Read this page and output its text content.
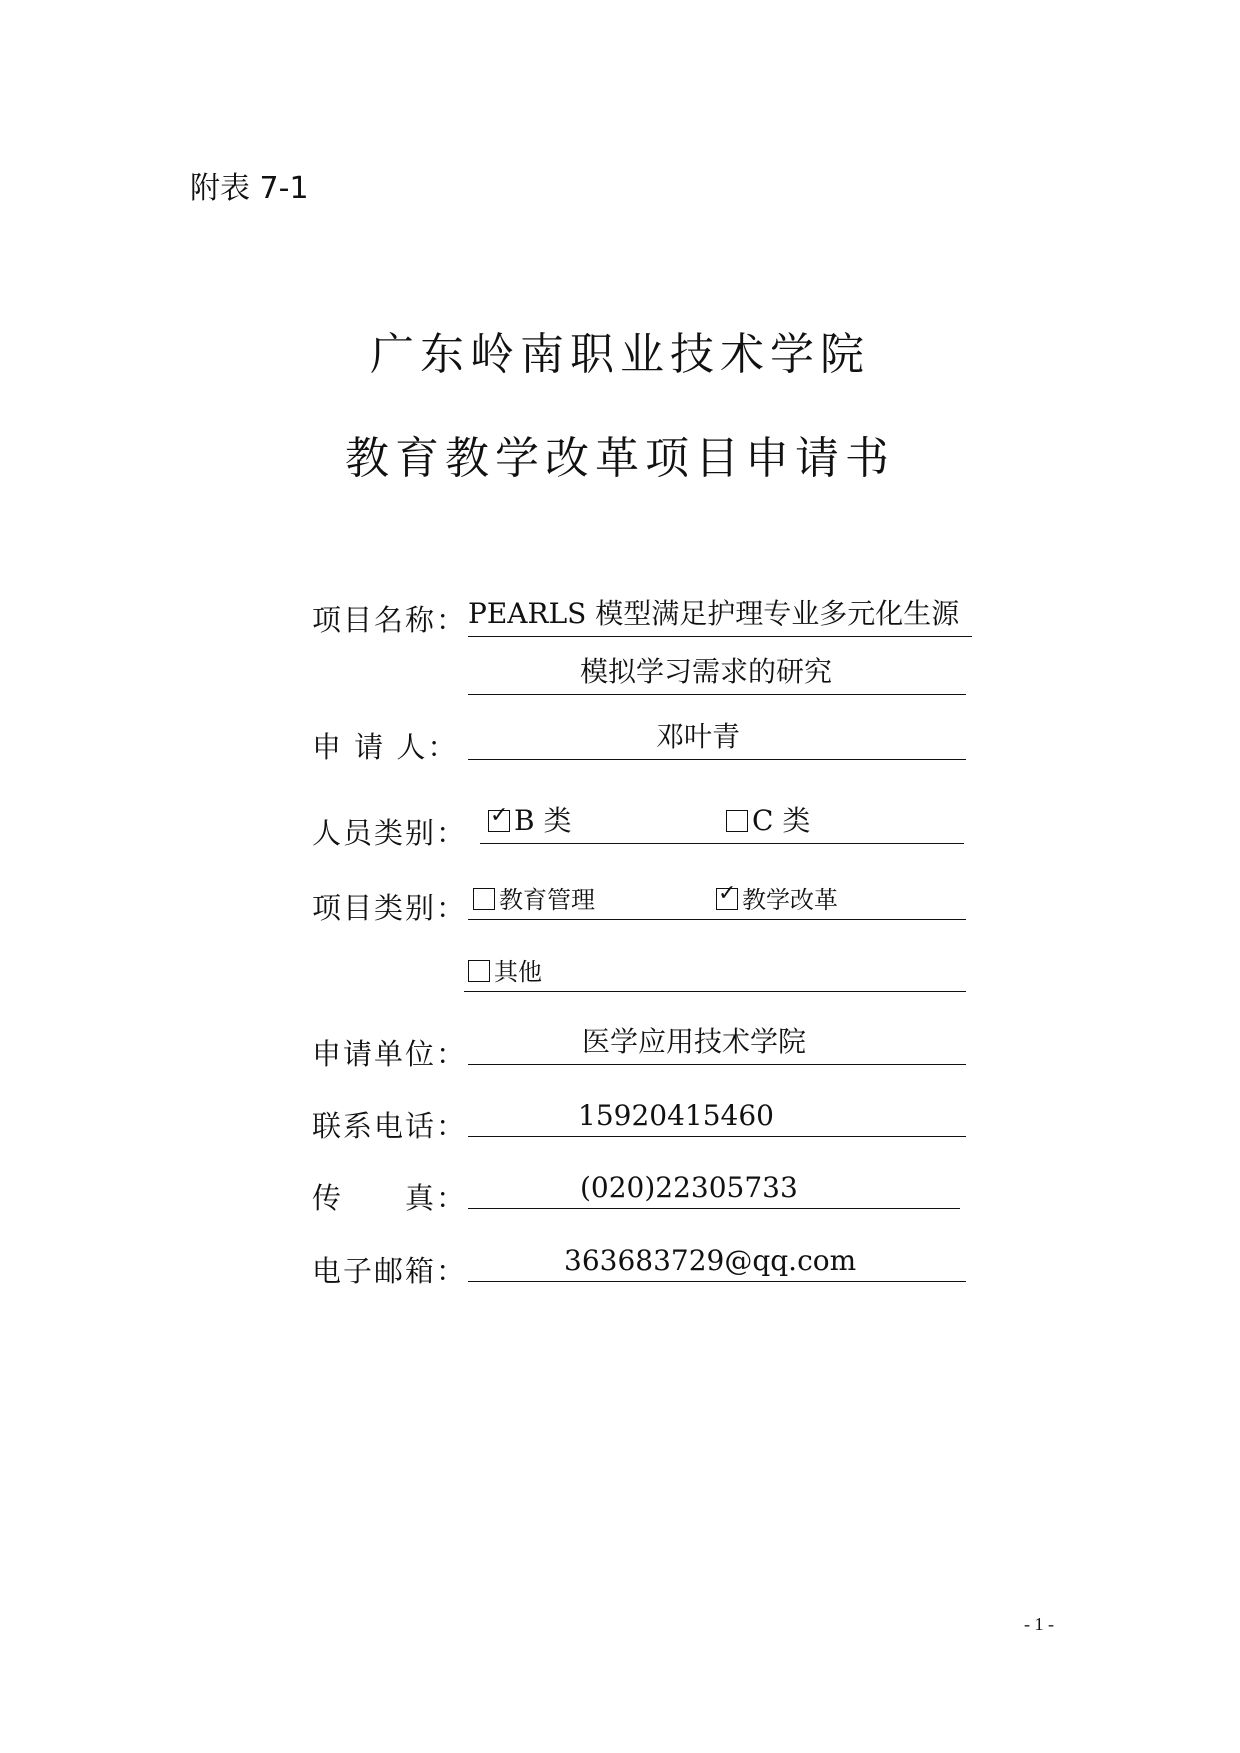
附表 7-1
广东岭南职业技术学院
教育教学改革项目申请书
项目名称： PEARLS 模型满足护理专业多元化生源
模拟学习需求的研究
申 请 人：	邓叶青
人员类别：
✓ B 类	C 类
项目类别：	教育管理	✓ 教学改革
其他
申请单位：	医学应用技术学院
联系电话：	15920415460
传　　真：	(020)22305733
电子邮箱：	363683729@qq.com
- 1 -
